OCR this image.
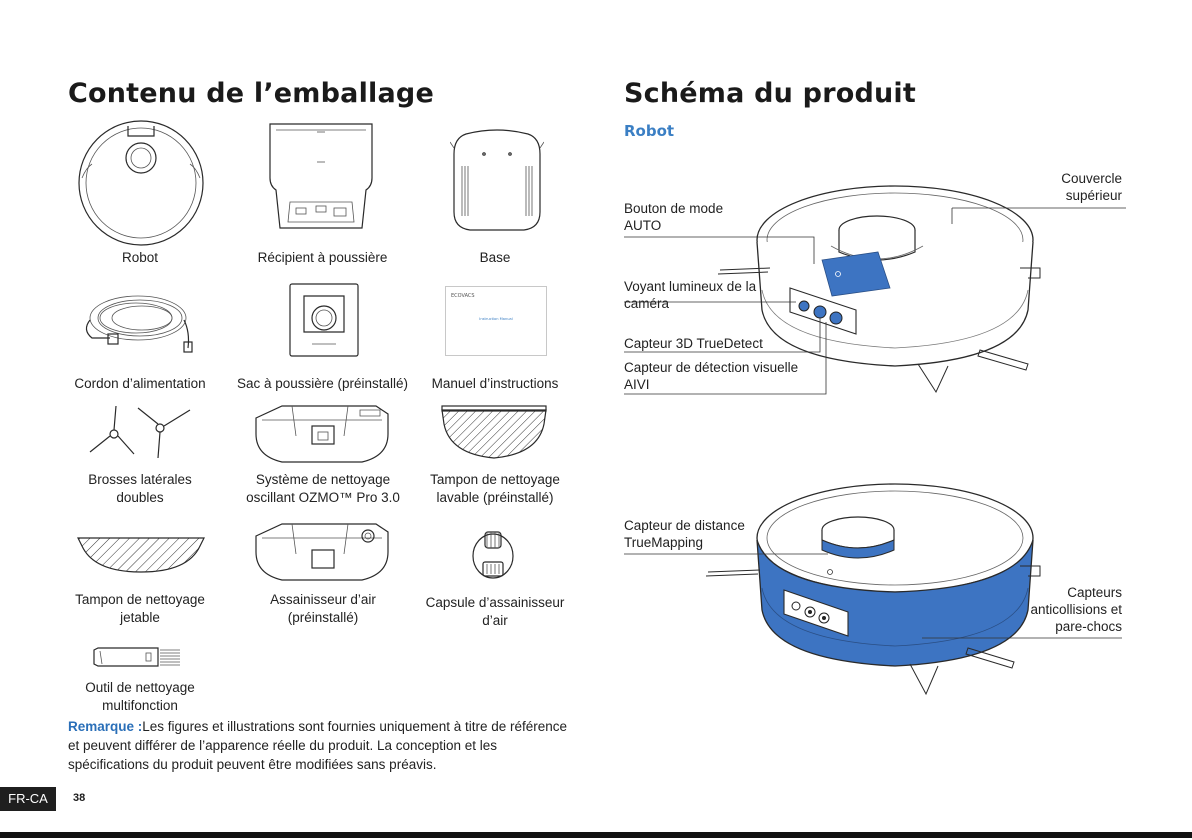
Contenu de l’emballage
Robot	Récipient à poussière	Base
ECOVACS
Instruction Manual
Cordon d’alimentation	Sac à poussière (préinstallé)	Manuel d’instructions
Brosses latérales
doubles
Système de nettoyage
oscillant OZMO™ Pro 3.0
Tampon de nettoyage
lavable (préinstallé)
Tampon de nettoyage
jetable
Assainisseur d’air
(préinstallé)
Capsule d’assainisseur
d’air
Outil de nettoyage
multifonction
Remarque :Les figures et illustrations sont fournies uniquement à titre de référence et peuvent différer de l’apparence réelle du produit. La conception et les spécifications du produit peuvent être modifiées sans préavis.
Schéma du produit
Robot
Bouton de mode
AUTO
Voyant lumineux de la
caméra
Capteur 3D TrueDetect
Capteur de détection visuelle
AIVI
Couvercle
supérieur
Capteur de distance
TrueMapping
Capteurs
anticollisions et
pare-chocs
FR-CA	38
